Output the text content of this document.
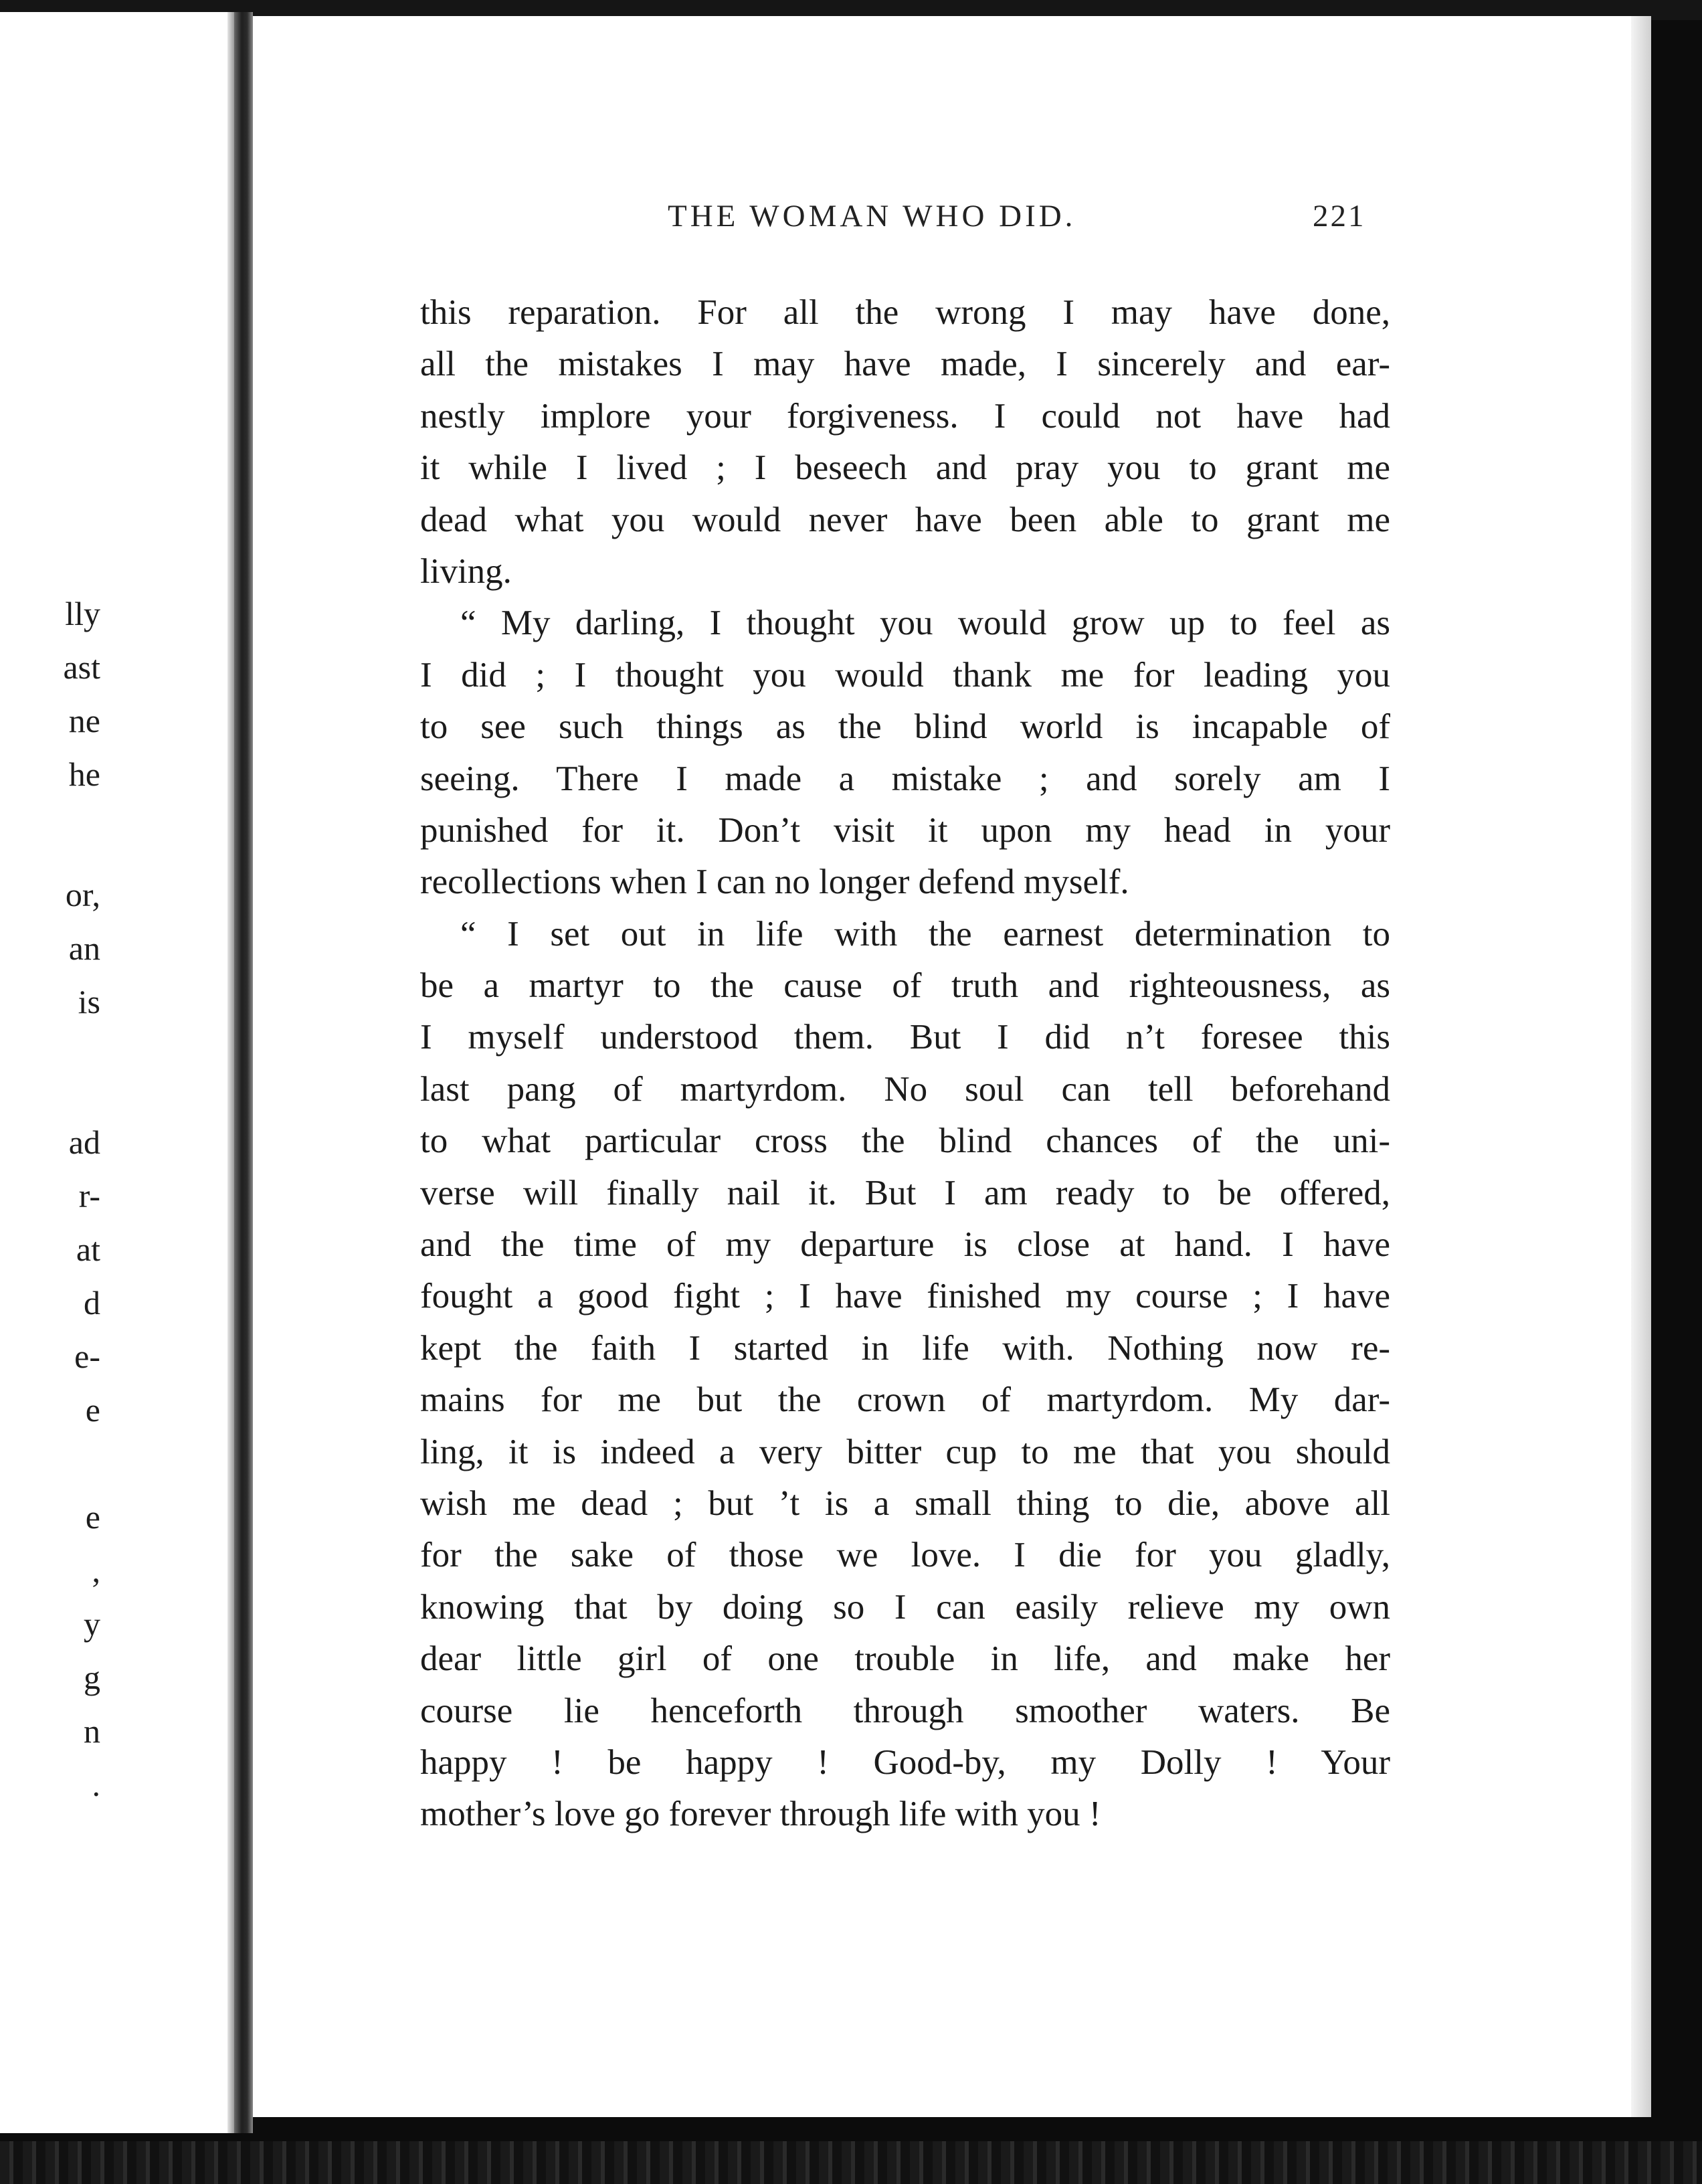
lly
ast
ne
he
or,
an
is
ad
r-
at
d
e-
e
e
,
y
g
n
.
THE WOMAN WHO DID.	221
this reparation. For all the wrong I may have done,
all the mistakes I may have made, I sincerely and ear-
nestly implore your forgiveness. I could not have had
it while I lived ; I beseech and pray you to grant me
dead what you would never have been able to grant me
living.
“ My darling, I thought you would grow up to feel as
I did ; I thought you would thank me for leading you
to see such things as the blind world is incapable of
seeing. There I made a mistake ; and sorely am I
punished for it. Don’t visit it upon my head in your
recollections when I can no longer defend myself.
“ I set out in life with the earnest determination to
be a martyr to the cause of truth and righteousness, as
I myself understood them. But I did n’t foresee this
last pang of martyrdom. No soul can tell beforehand
to what particular cross the blind chances of the uni-
verse will finally nail it. But I am ready to be offered,
and the time of my departure is close at hand. I have
fought a good fight ; I have finished my course ; I have
kept the faith I started in life with. Nothing now re-
mains for me but the crown of martyrdom. My dar-
ling, it is indeed a very bitter cup to me that you should
wish me dead ; but ’t is a small thing to die, above all
for the sake of those we love. I die for you gladly,
knowing that by doing so I can easily relieve my own
dear little girl of one trouble in life, and make her
course lie henceforth through smoother waters. Be
happy ! be happy ! Good-by, my Dolly ! Your
mother’s love go forever through life with you !
